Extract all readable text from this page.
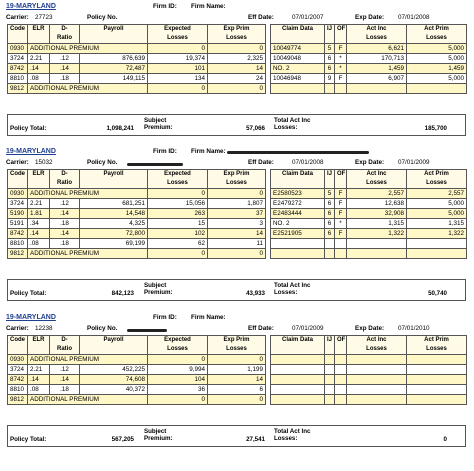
19-MARYLAND	Firm ID: Firm Name:
Carrier: 27723	Policy No.	Eff Date:	07/01/2007	Exp Date: 07/01/2008
Code	ELR	D-
Ratio	Payroll	Expected
Losses	Exp Prim
Losses
0930	ADDITIONAL PREMIUM			0	0
3724	2.21	.12	876,639	19,374	2,325
8742	.14	.14	72,487	101	14
8810	.08	.18	149,115	134	24
9812	ADDITIONAL PREMIUM			0	0
Claim Data	IJ	OF	Act Inc
Losses	Act Prim
Losses
10049774	5	F	6,621	5,000
10049048	6	*	170,713	5,000
NO. 2	6	*	1,459	1,459
10046948	9	F	6,907	5,000

Policy Total:	1,098,241
Subject
Premium:	57,066
Total Act Inc
Losses:	185,700
19-MARYLAND	Firm ID: Firm Name:
Carrier: 15032	Policy No.	Eff Date:	07/01/2008	Exp Date: 07/01/2009
Code	ELR	D-
Ratio	Payroll	Expected
Losses	Exp Prim
Losses
0930	ADDITIONAL PREMIUM			0	0
3724	2.21	.12	681,251	15,056	1,807
5190	1.81	.14	14,548	263	37
5191	.34	.18	4,325	15	3
8742	.14	.14	72,800	102	14
8810	.08	.18	69,199	62	11
9812	ADDITIONAL PREMIUM			0	0
Claim Data	IJ	OF	Act Inc
Losses	Act Prim
Losses
E2580523	5	F	2,557	2,557
E2479272	6	F	12,638	5,000
E2483444	6	F	32,908	5,000
NO. 2	6	*	1,315	1,315
E2521905	6	F	1,322	1,322

Policy Total:	842,123
Subject
Premium:	43,933
Total Act Inc
Losses:	50,740
19-MARYLAND	Firm ID: Firm Name:
Carrier: 12238	Policy No.	Eff Date:	07/01/2009	Exp Date: 07/01/2010
Code	ELR	D-
Ratio	Payroll	Expected
Losses	Exp Prim
Losses
0930	ADDITIONAL PREMIUM			0	0
3724	2.21	.12	452,225	9,994	1,199
8742	.14	.14	74,608	104	14
8810	.08	.18	40,372	36	6
9812	ADDITIONAL PREMIUM			0	0
Claim Data	IJ	OF	Act Inc
Losses	Act Prim
Losses

Policy Total:	567,205
Subject
Premium:	27,541
Total Act Inc
Losses:	0
